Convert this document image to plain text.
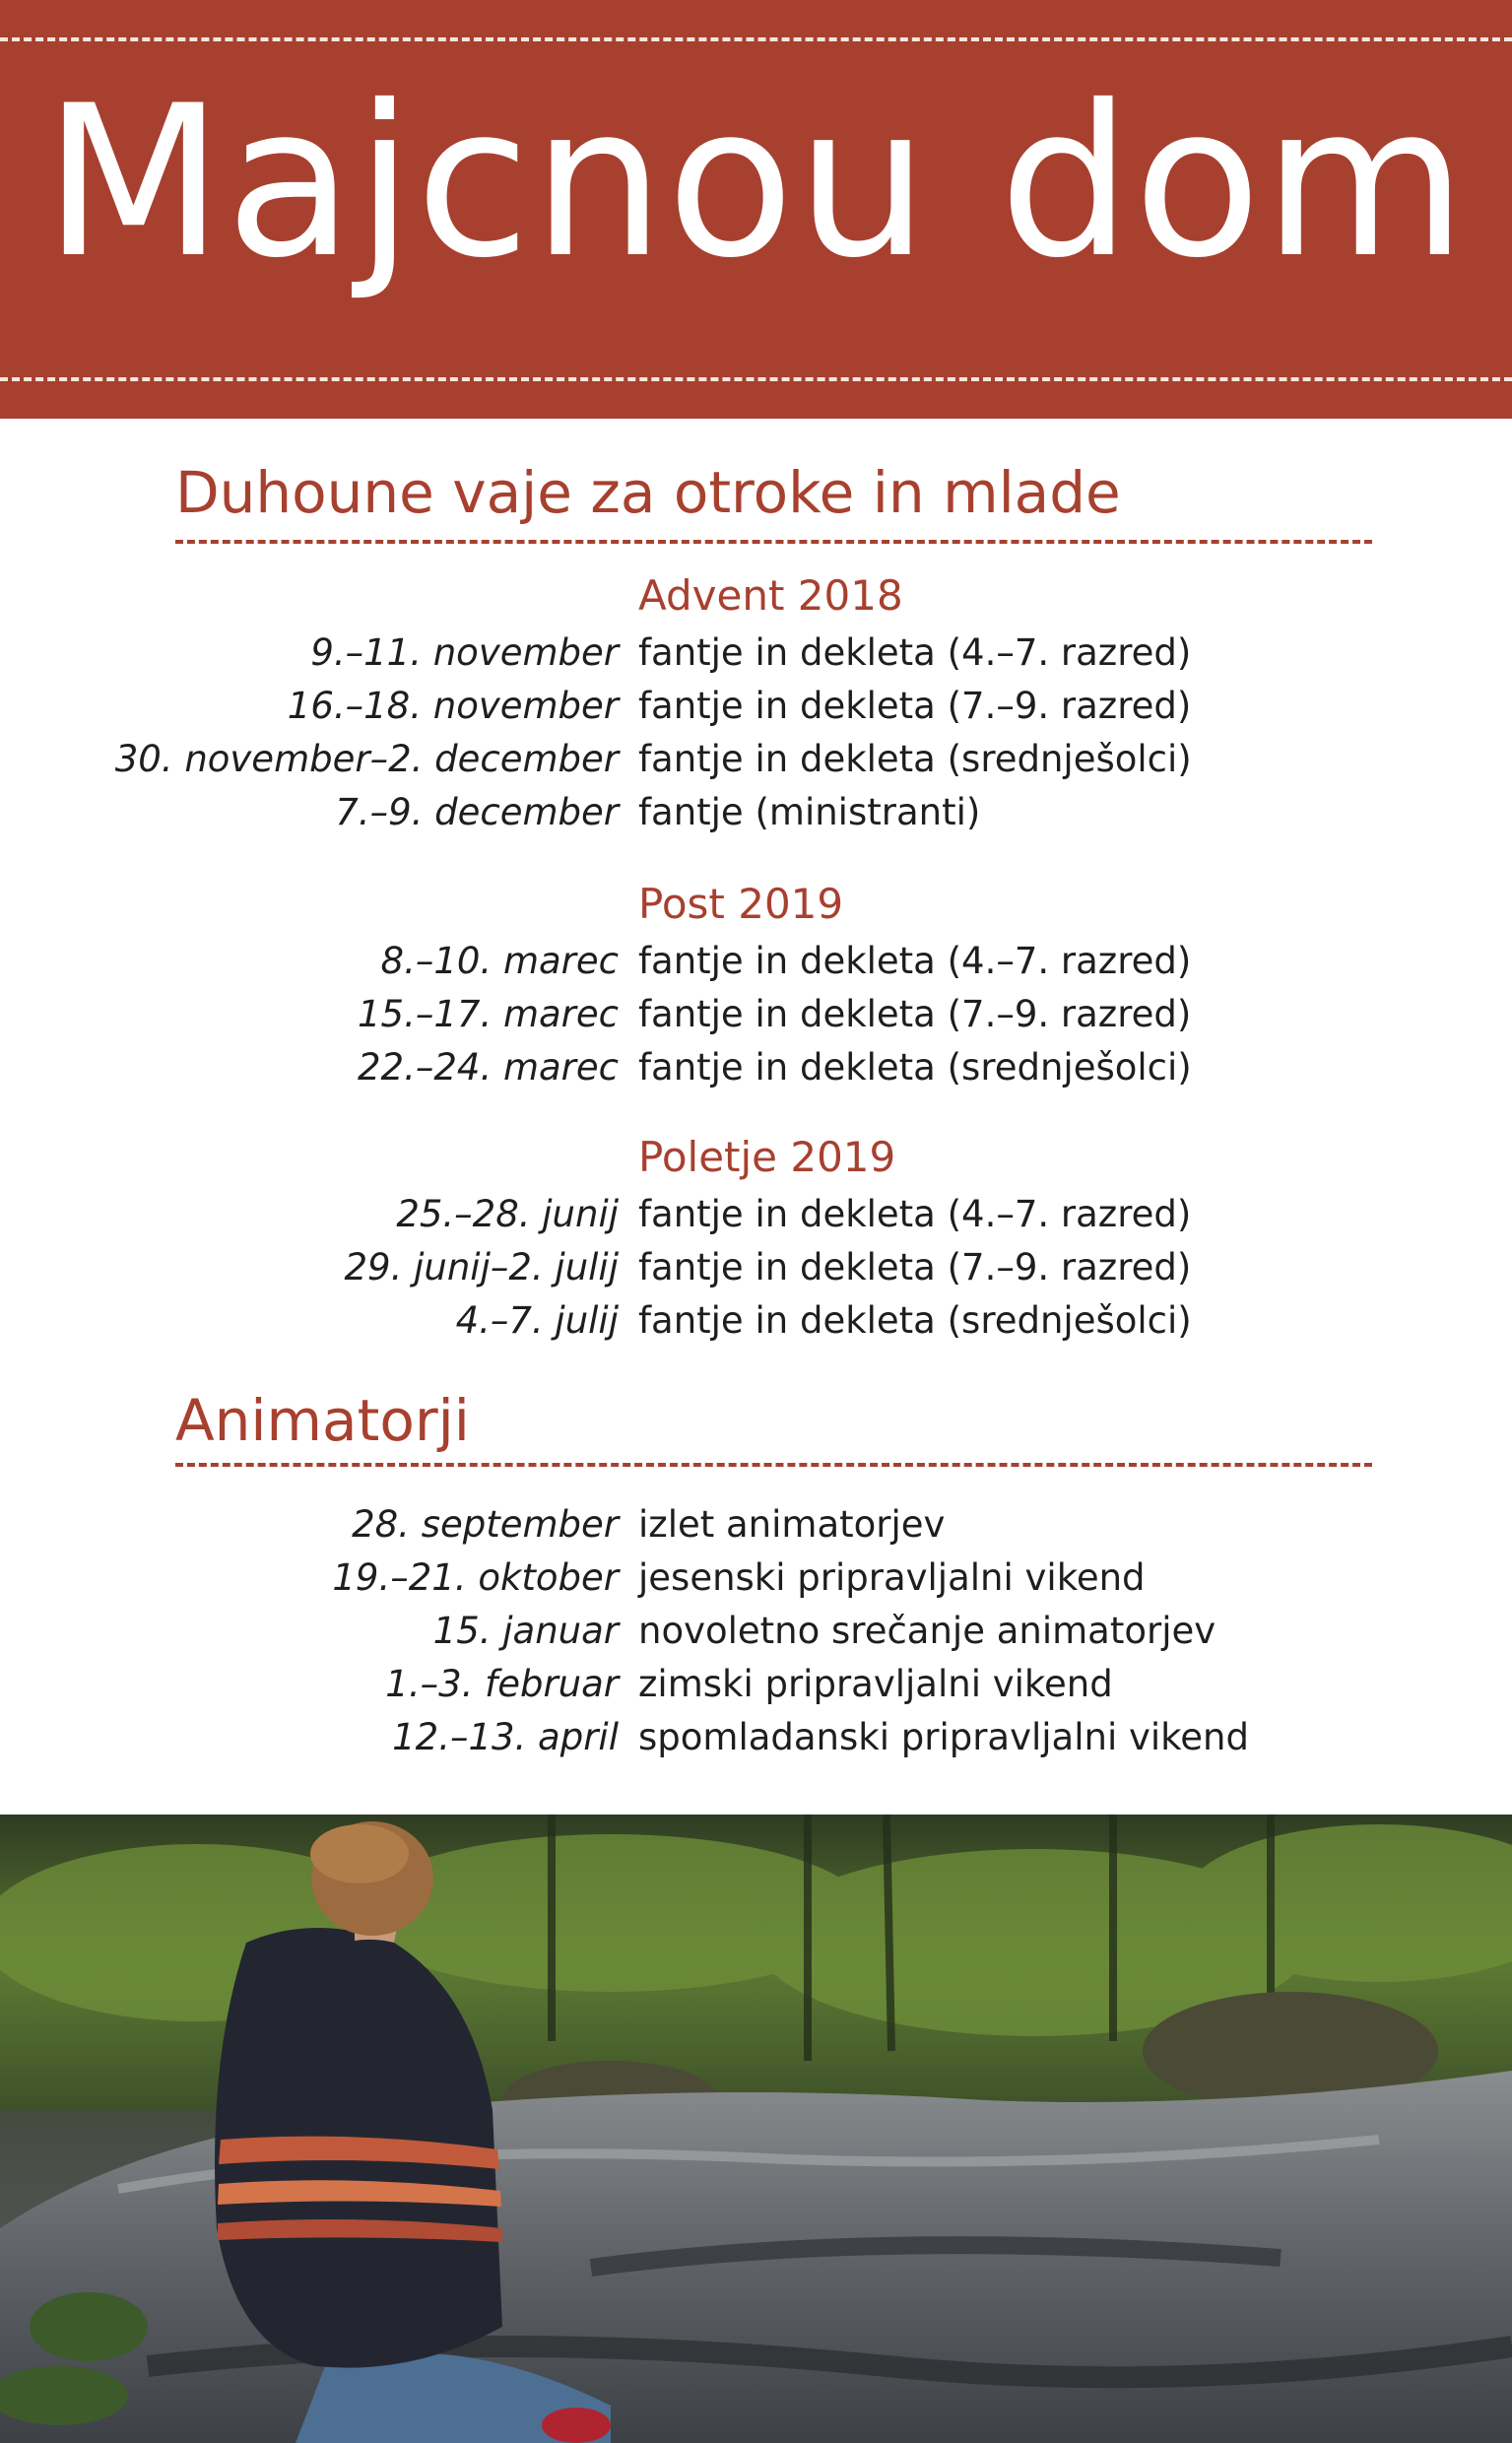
Majcnou dom
Duhoune vaje za otroke in mlade
Advent 2018
9.–11. november fantje in dekleta (4.–7. razred)
16.–18. november fantje in dekleta (7.–9. razred)
30. november–2. december fantje in dekleta (srednješolci)
7.–9. december fantje (ministranti)
Post 2019
8.–10. marec fantje in dekleta (4.–7. razred)
15.–17. marec fantje in dekleta (7.–9. razred)
22.–24. marec fantje in dekleta (srednješolci)
Poletje 2019
25.–28. junij fantje in dekleta (4.–7. razred)
29. junij–2. julij fantje in dekleta (7.–9. razred)
4.–7. julij fantje in dekleta (srednješolci)
Animatorji
28. september izlet animatorjev
19.–21. oktober jesenski pripravljalni vikend
15. januar novoletno srečanje animatorjev
1.–3. februar zimski pripravljalni vikend
12.–13. april spomladanski pripravljalni vikend
